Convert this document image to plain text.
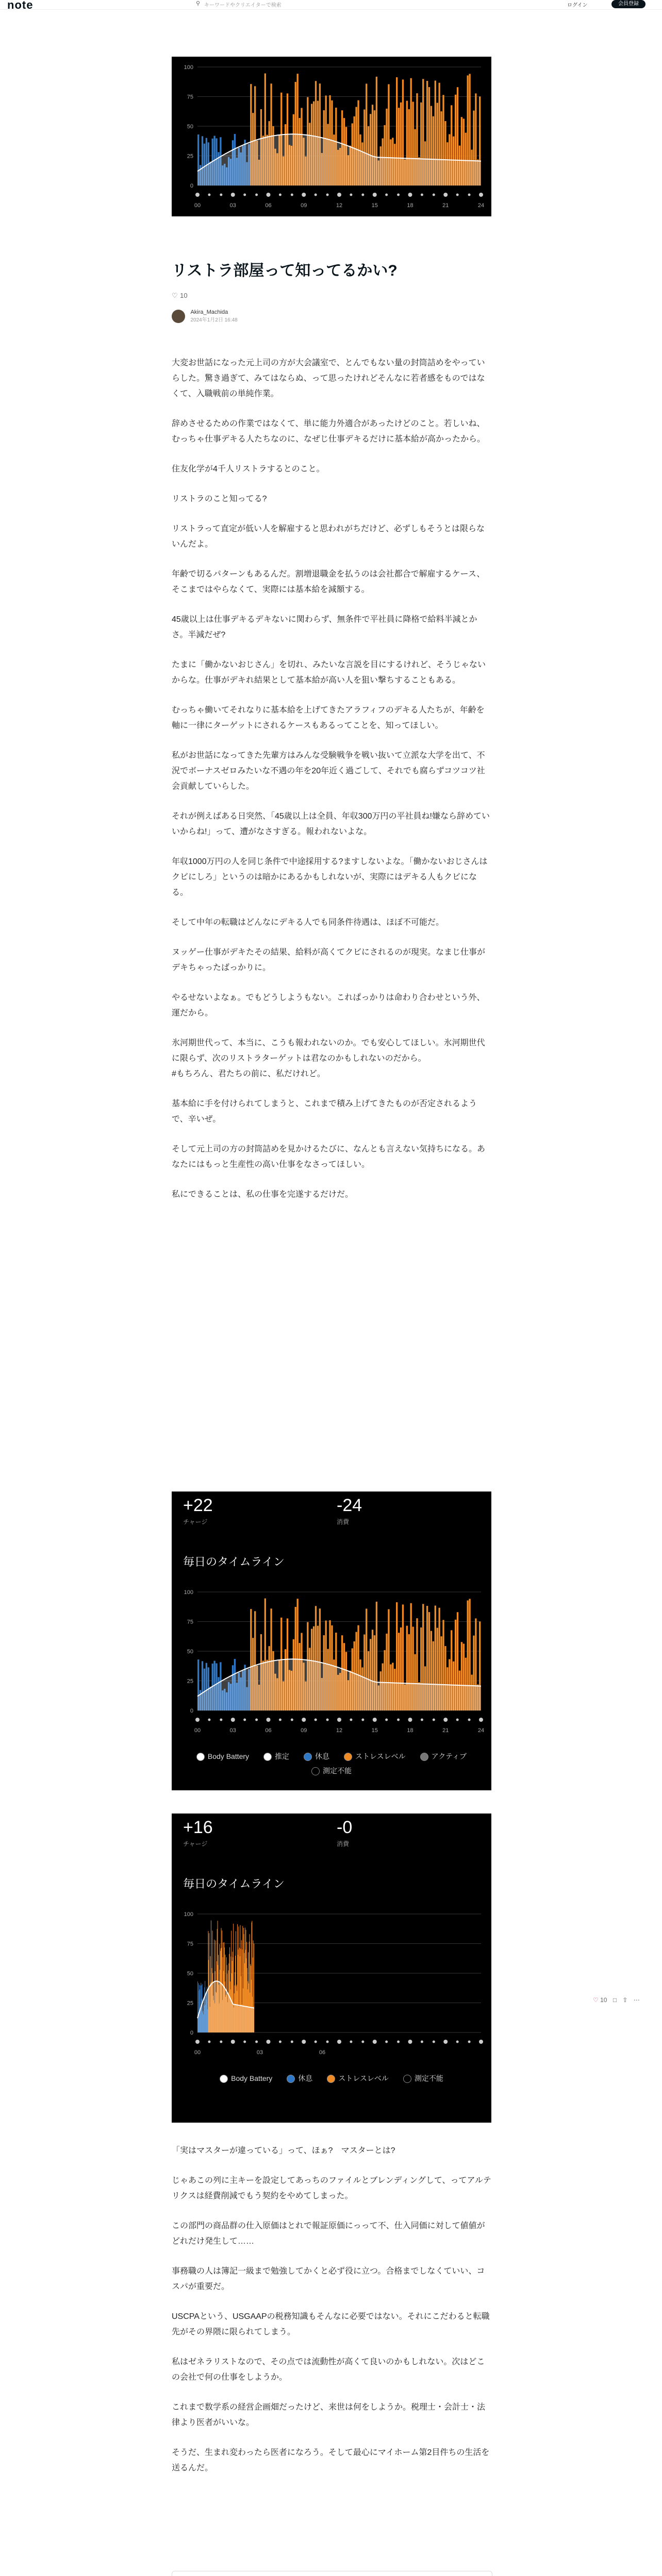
note	⚲ キーワードやクリエイターで検索	ログイン	会員登録
100
75
50
25
0
00	03	06	09	12	15	18	21	24
リストラ部屋って知ってるかい?
♡ 10

Akira_Machida
2024年1月2日 16:48

大変お世話になった元上司の方が大会議室で、とんでもない量の封筒詰めをやっていらした。驚き過ぎて、みてはならぬ、って思ったけれどそんなに若者感をものではなくて、入職戦前の単純作業。

辞めさせるための作業ではなくて、単に能力外適合があったけどのこと。若しいね、むっちゃ仕事デキる人たちなのに、なぜじ仕事デキるだけに基本給が高かったから。

住友化学が4千人リストラするとのこと。

リストラのこと知ってる?

リストラって直定が低い人を解雇すると思われがちだけど、必ずしもそうとは限らないんだよ。

年齢で切るパターンもあるんだ。割増退職金を払うのは会社都合で解雇するケース、そこまではやらなくて、実際には基本給を減額する。

45歳以上は仕事デキるデキないに関わらず、無条件で平社員に降格で給料半減とかさ。半減だぜ?

たまに「働かないおじさん」を切れ、みたいな言説を目にするけれど、そうじゃないからな。仕事がデキれ結果として基本給が高い人を狙い撃ちすることもある。

むっちゃ働いてそれなりに基本給を上げてきたアラフィフのデキる人たちが、年齢を軸に一律にターゲットにされるケースもあるってことを、知ってほしい。

私がお世話になってきた先輩方はみんな受験戦争を戦い抜いて立派な大学を出て、不況でボーナスゼロみたいな不遇の年を20年近く過ごして、それでも腐らずコツコツ社会貢献していらした。

それが例えばある日突然、「45歳以上は全員、年収300万円の平社員ね!嫌なら辞めていいからね!」って、遭がなさすぎる。報われないよな。

年収1000万円の人を同じ条件で中途採用する?ますしないよな。「働かないおじさんはクビにしろ」というのは暗かにあるかもしれないが、実際にはデキる人もクビになる。

そして中年の転職はどんなにデキる人でも同条件待遇は、ほぼ不可能だ。

ヌッゲー仕事がデキたその結果、給料が高くてクビにされるのが現実。なまじ仕事がデキちゃったばっかりに。

やるせないよなぁ。でもどうしようもない。これぱっかりは命わり合わせという外、運だから。

氷河期世代って、本当に、こうも報われないのか。でも安心してほしい。氷河期世代に限らず、次のリストラターゲットは君なのかもしれないのだから。
#もちろん、君たちの前に、私だけれど。

基本給に手を付けられてしまうと、これまで積み上げてきたものが否定されるようで、辛いぜ。

そして元上司の方の封筒詰めを見かけるたびに、なんとも言えない気持ちになる。あなたにはもっと生産性の高い仕事をなさってほしい。

私にできることは、私の仕事を完遂するだけだ。

+22
チャージ
-24
消費
毎日のタイムライン
100
75
50
25
0
00	03	06	09	12	15	18	21	24
Body Battery	推定	休息	ストレスレベル	アクティブ測定不能
+16
チャージ
-0
消費
毎日のタイムライン
100
75
50
25
0
00	03	06
Body Battery	休息	ストレスレベル	測定不能
♡ 10 □ ⇧ ⋯

「実はマスターが違っている」って、ほぁ?　マスターとは?

じゃあこの列に主キーを設定してあっちのファイルとブレンディングして、ってアルテリクスは経費削減でもう契約をやめてしまった。

この部門の商品群の仕入原価はとれで報証原価にっって不、仕入同価に対して値値がどれだけ発生して……

事務職の人は簿記一級まで勉強してかくと必ず役に立つ。合格までしなくていい、コスパが重要だ。

USCPAという、USGAAPの税務知識もそんなに必要ではない。それにこだわると転職先がその界隈に限られてしまう。

私はゼネラリストなので、その点では流動性が高くて良いのかもしれない。次はどこの会社で何の仕事をしようか。

これまで数学系の経営企画畑だったけど、来世は何をしようか。税理士・会計士・法律より医者がいいな。

そうだ、生まれ変わったら医者になろう。そして最心にマイホーム第2目件ちの生活を送るんだ。
